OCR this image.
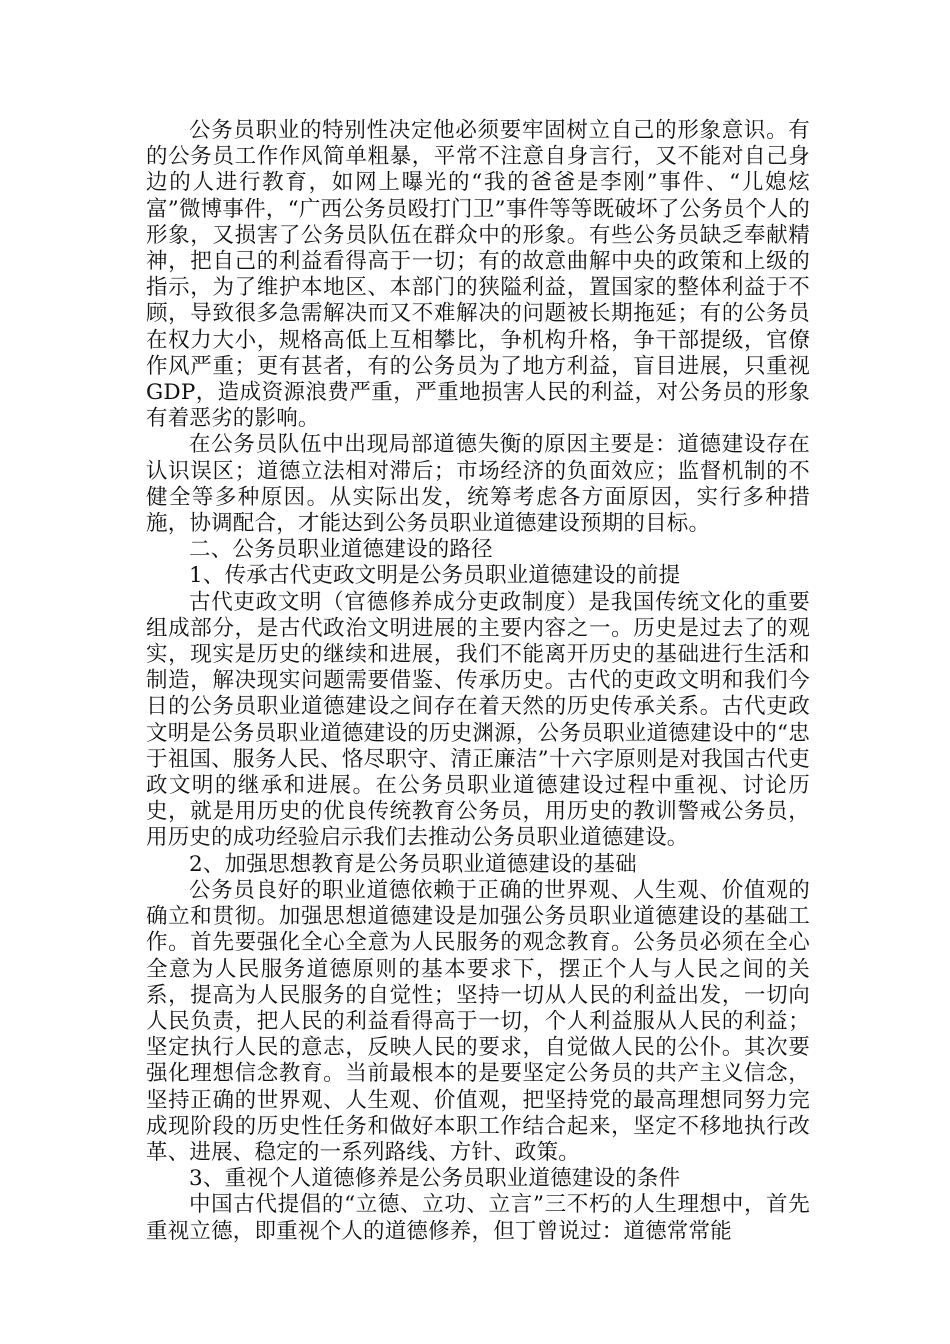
公务员职业的特别性决定他必须要牢固树立自己的形象意识。有的公务员工作作风简单粗暴，平常不注意自身言行，又不能对自己身边的人进行教育，如网上曝光的“我的爸爸是李刚”事件、“儿媳炫富”微博事件，“广西公务员殴打门卫”事件等等既破坏了公务员个人的形象，又损害了公务员队伍在群众中的形象。有些公务员缺乏奉献精神，把自己的利益看得高于一切；有的故意曲解中央的政策和上级的指示，为了维护本地区、本部门的狭隘利益，置国家的整体利益于不顾，导致很多急需解决而又不难解决的问题被长期拖延；有的公务员在权力大小，规格高低上互相攀比，争机构升格，争干部提级，官僚作风严重；更有甚者，有的公务员为了地方利益，盲目进展，只重视GDP，造成资源浪费严重，严重地损害人民的利益，对公务员的形象有着恶劣的影响。

在公务员队伍中出现局部道德失衡的原因主要是：道德建设存在认识误区；道德立法相对滞后；市场经济的负面效应；监督机制的不健全等多种原因。从实际出发，统筹考虑各方面原因，实行多种措施，协调配合，才能达到公务员职业道德建设预期的目标。

二、公务员职业道德建设的路径

1、传承古代吏政文明是公务员职业道德建设的前提

古代吏政文明（官德修养成分吏政制度）是我国传统文化的重要组成部分，是古代政治文明进展的主要内容之一。历史是过去了的观实，现实是历史的继续和进展，我们不能离开历史的基础进行生活和制造，解决现实问题需要借鉴、传承历史。古代的吏政文明和我们今日的公务员职业道德建设之间存在着天然的历史传承关系。古代吏政文明是公务员职业道德建设的历史渊源，公务员职业道德建设中的“忠于祖国、服务人民、恪尽职守、清正廉洁”十六字原则是对我国古代吏政文明的继承和进展。在公务员职业道德建设过程中重视、讨论历史，就是用历史的优良传统教育公务员，用历史的教训警戒公务员，用历史的成功经验启示我们去推动公务员职业道德建设。

2、加强思想教育是公务员职业道德建设的基础

公务员良好的职业道德依赖于正确的世界观、人生观、价值观的确立和贯彻。加强思想道德建设是加强公务员职业道德建设的基础工作。首先要强化全心全意为人民服务的观念教育。公务员必须在全心全意为人民服务道德原则的基本要求下，摆正个人与人民之间的关系，提高为人民服务的自觉性；坚持一切从人民的利益出发，一切向人民负责，把人民的利益看得高于一切，个人利益服从人民的利益；坚定执行人民的意志，反映人民的要求，自觉做人民的公仆。其次要强化理想信念教育。当前最根本的是要坚定公务员的共产主义信念，坚持正确的世界观、人生观、价值观，把坚持党的最高理想同努力完成现阶段的历史性任务和做好本职工作结合起来，坚定不移地执行改革、进展、稳定的一系列路线、方针、政策。

3、重视个人道德修养是公务员职业道德建设的条件

中国古代提倡的“立德、立功、立言”三不朽的人生理想中，首先重视立德，即重视个人的道德修养，但丁曾说过：道德常常能
